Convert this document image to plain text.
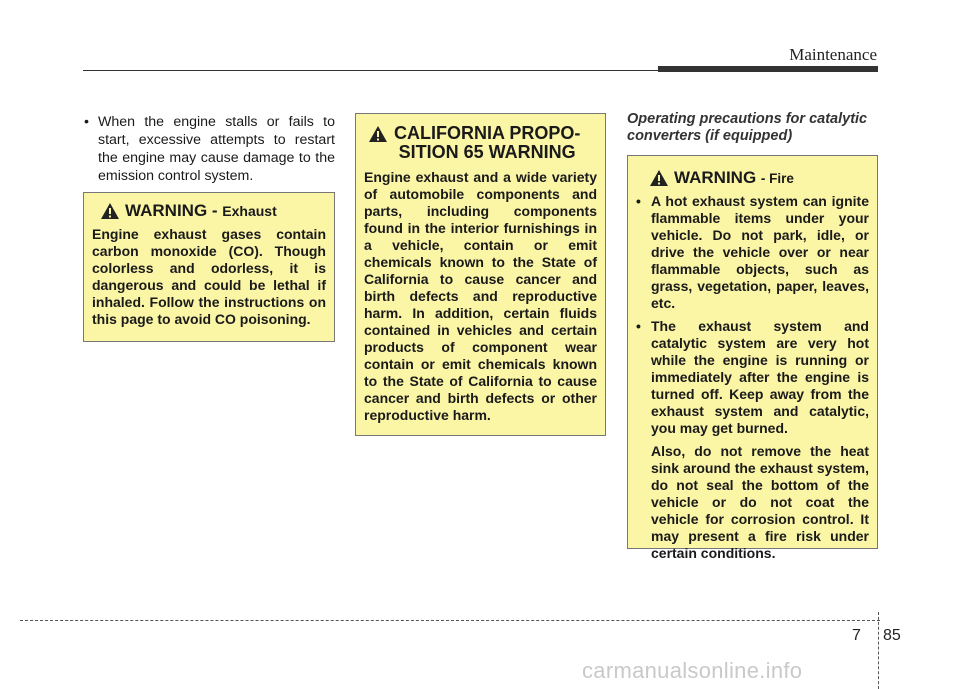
Maintenance
• When the engine stalls or fails to start, excessive attempts to restart the engine may cause damage to the emission control system.
WARNING - Exhaust
Engine exhaust gases contain carbon monoxide (CO). Though colorless and odorless, it is dangerous and could be lethal if inhaled. Follow the instructions on this page to avoid CO poisoning.
CALIFORNIA PROPO-
SITION 65 WARNING
Engine exhaust and a wide variety of automobile components and parts, including components found in the interior furnishings in a vehicle, contain or emit chemicals known to the State of California to cause cancer and birth defects and reproductive harm. In addition, certain fluids contained in vehicles and certain products of component wear contain or emit chemicals known to the State of California to cause cancer and birth defects or other reproductive harm.
Operating precautions for catalytic converters (if equipped)
WARNING - Fire
• A hot exhaust system can ignite flammable items under your vehicle. Do not park, idle, or drive the vehicle over or near flammable objects, such as grass, vegetation, paper, leaves, etc.
• The exhaust system and catalytic system are very hot while the engine is running or immediately after the engine is turned off. Keep away from the exhaust system and catalytic, you may get burned.
Also, do not remove the heat sink around the exhaust system, do not seal the bottom of the vehicle or do not coat the vehicle for corrosion control. It may present a fire risk under certain conditions.
7 85
carmanualsonline.info
